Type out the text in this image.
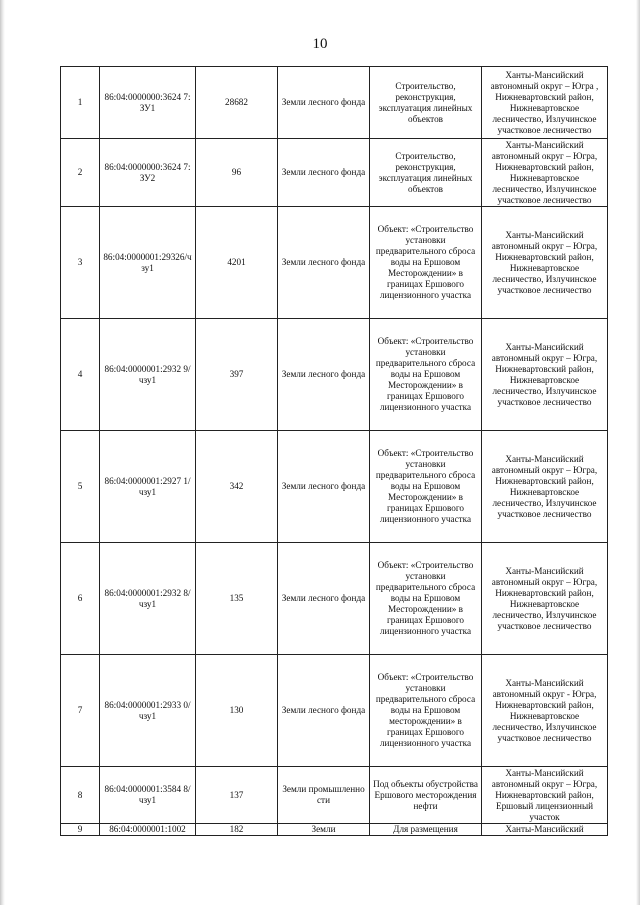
10
1	86:04:0000000:3624 7:ЗУ1	28682	Земли лесного фонда	Строительство, реконструкция, эксплуатация линейных объектов	Ханты-Мансийский автономный округ – Югра , Нижневартовский район, Нижневартовское лесничество, Излучинское участковое лесничество
2	86:04:0000000:3624 7:ЗУ2	96	Земли лесного фонда	Строительство, реконструкция, эксплуатация линейных объектов	Ханты-Мансийский автономный округ – Югра, Нижневартовский район, Нижневартовское лесничество, Излучинское участковое лесничество
3	86:04:0000001:29326/чзу1	4201	Земли лесного фонда	Объект: «Строительство установки предварительного сброса воды на Ершовом Месторождении» в границах Ершового лицензионного участка	Ханты-Мансийский автономный округ – Югра, Нижневартовский район, Нижневартовское лесничество, Излучинское участковое лесничество
4	86:04:0000001:2932 9/чзу1	397	Земли лесного фонда	Объект: «Строительство установки предварительного сброса воды на Ершовом Месторождении» в границах Ершового лицензионного участка	Ханты-Мансийский автономный округ – Югра, Нижневартовский район, Нижневартовское лесничество, Излучинское участковое лесничество
5	86:04:0000001:2927 1/чзу1	342	Земли лесного фонда	Объект: «Строительство установки предварительного сброса воды на Ершовом Месторождении» в границах Ершового лицензионного участка	Ханты-Мансийский автономный округ – Югра, Нижневартовский район, Нижневартовское лесничество, Излучинское участковое лесничество
6	86:04:0000001:2932 8/чзу1	135	Земли лесного фонда	Объект: «Строительство установки предварительного сброса воды на Ершовом Месторождении» в границах Ершового лицензионного участка	Ханты-Мансийский автономный округ – Югра, Нижневартовский район, Нижневартовское лесничество, Излучинское участковое лесничество
7	86:04:0000001:2933 0/чзу1	130	Земли лесного фонда	Объект: «Строительство установки предварительного сброса воды на Ершовом месторождении» в границах Ершового лицензионного участка	Ханты-Мансийский автономный округ - Югра, Нижневартовский район, Нижневартовское лесничество, Излучинское участковое лесничество
8	86:04:0000001:3584 8/чзу1	137	Земли промышленности	Под объекты обустройства Ершового месторождения нефти	Ханты-Мансийский автономный округ – Югра, Нижневартовский район, Ершовый лицензионный участок
9	86:04:0000001:1002	182	Земли	Для размещения	Ханты-Мансийский
